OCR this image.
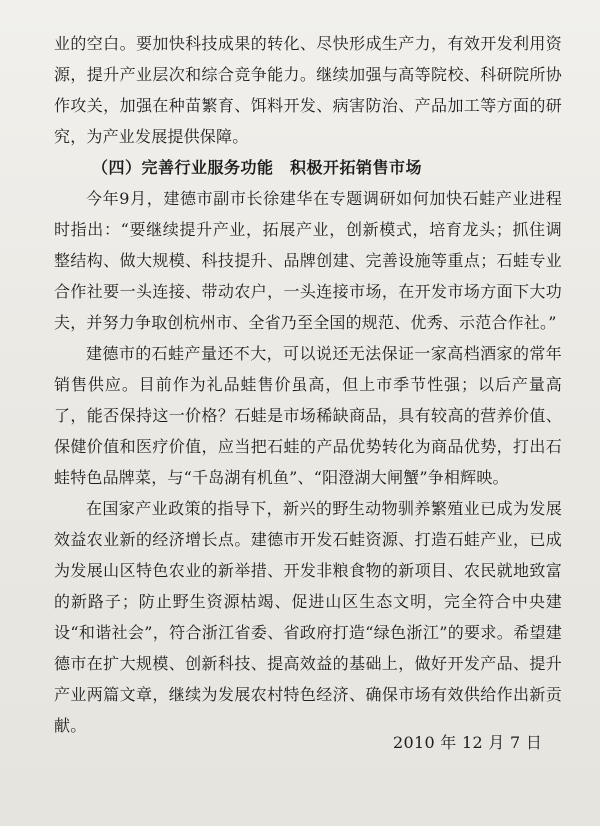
业的空白。要加快科技成果的转化、尽快形成生产力，有效开发利用资源，提升产业层次和综合竞争能力。继续加强与高等院校、科研院所协作攻关，加强在种苗繁育、饵料开发、病害防治、产品加工等方面的研究，为产业发展提供保障。

（四）完善行业服务功能　积极开拓销售市场

今年9月，建德市副市长徐建华在专题调研如何加快石蛙产业进程时指出：“要继续提升产业，拓展产业，创新模式，培育龙头；抓住调整结构、做大规模、科技提升、品牌创建、完善设施等重点；石蛙专业合作社要一头连接、带动农户，一头连接市场，在开发市场方面下大功夫，并努力争取创杭州市、全省乃至全国的规范、优秀、示范合作社。”

建德市的石蛙产量还不大，可以说还无法保证一家高档酒家的常年销售供应。目前作为礼品蛙售价虽高，但上市季节性强；以后产量高了，能否保持这一价格？石蛙是市场稀缺商品，具有较高的营养价值、保健价值和医疗价值，应当把石蛙的产品优势转化为商品优势，打出石蛙特色品牌菜，与“千岛湖有机鱼”、“阳澄湖大闸蟹”争相辉映。

在国家产业政策的指导下，新兴的野生动物驯养繁殖业已成为发展效益农业新的经济增长点。建德市开发石蛙资源、打造石蛙产业，已成为发展山区特色农业的新举措、开发非粮食物的新项目、农民就地致富的新路子；防止野生资源枯竭、促进山区生态文明，完全符合中央建设“和谐社会”，符合浙江省委、省政府打造“绿色浙江”的要求。希望建德市在扩大规模、创新科技、提高效益的基础上，做好开发产品、提升产业两篇文章，继续为发展农村特色经济、确保市场有效供给作出新贡献。

2010 年 12 月 7 日
